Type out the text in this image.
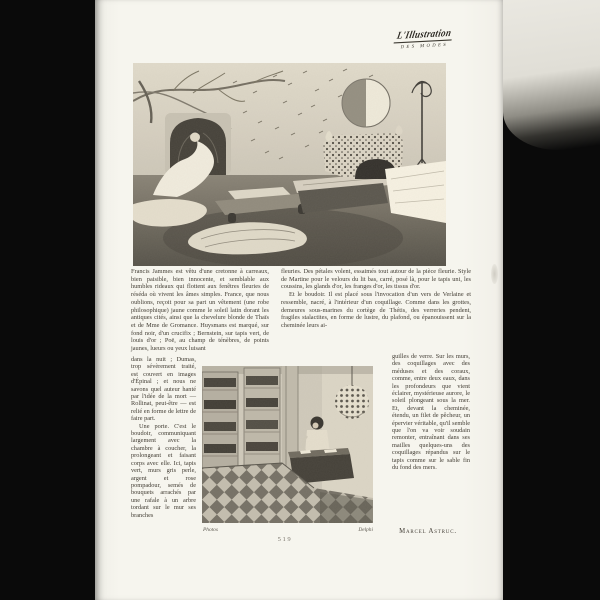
L'Illustration
DES MODES

Francis Jammes est vêtu d'une cretonne à carreaux, bien paisible, bien innocente, et semblable aux humbles rideaux qui flottent aux fenêtres fleuries de réséda où vivent les âmes simples. France, que nous oublions, reçoit pour sa part un vêtement (une robe philosophique) jaune comme le soleil latin dorant les antiques cités, ainsi que la chevelure blonde de Thaïs et de Mme de Gromance. Huysmans est marqué, sur fond noir, d'un crucifix ; Bernstein, sur tapis vert, de louis d'or ; Poë, au champ de ténèbres, de points jaunes, lueurs ou yeux luisant

fleuries. Des pétales volent, essaimés tout autour de la pièce fleurie. Style de Martine pour le velours du lit bas, carré, posé là, pour le tapis uni, les coussins, les glands d'or, les franges d'or, les tissus d'or.

Et le boudoir. Il est placé sous l'invocation d'un vers de Verlaine et ressemble, nacré, à l'intérieur d'un coquillage. Comme dans les grottes, demeures sous-marines du cortège de Thétis, des verreries pendent, fragiles stalactites, en forme de lustre, du plafond, ou épanouissent sur la cheminée leurs ai-

dans la nuit ; Dumas, trop sévèrement traité, est couvert en images d'Épinal ; et nous ne savons quel auteur hanté par l'idée de la mort — Rollinat, peut-être — est relié en forme de lettre de faire part.

Une porte. C'est le boudoir, communiquant largement avec la chambre à coucher, la prolongeant et faisant corps avec elle. Ici, tapis vert, murs gris perle, argent et rose pompadour, semés de bouquets arrachés par une rafale à un arbre tordant sur le mur ses branches

guilles de verre. Sur les murs, des coquillages avec des méduses et des coraux, comme, entre deux eaux, dans les profondeurs que vient éclairer, mystérieuse aurore, le soleil plongeant sous la mer. Et, devant la cheminée, étendu, un filet de pêcheur, un épervier véritable, qu'il semble que l'on va voir soudain remonter, entraînant dans ses mailles quelques-uns des coquillages répandus sur le tapis comme sur le sable fin du fond des mers.

Photos	Delphi	Marcel Astruc.
519
